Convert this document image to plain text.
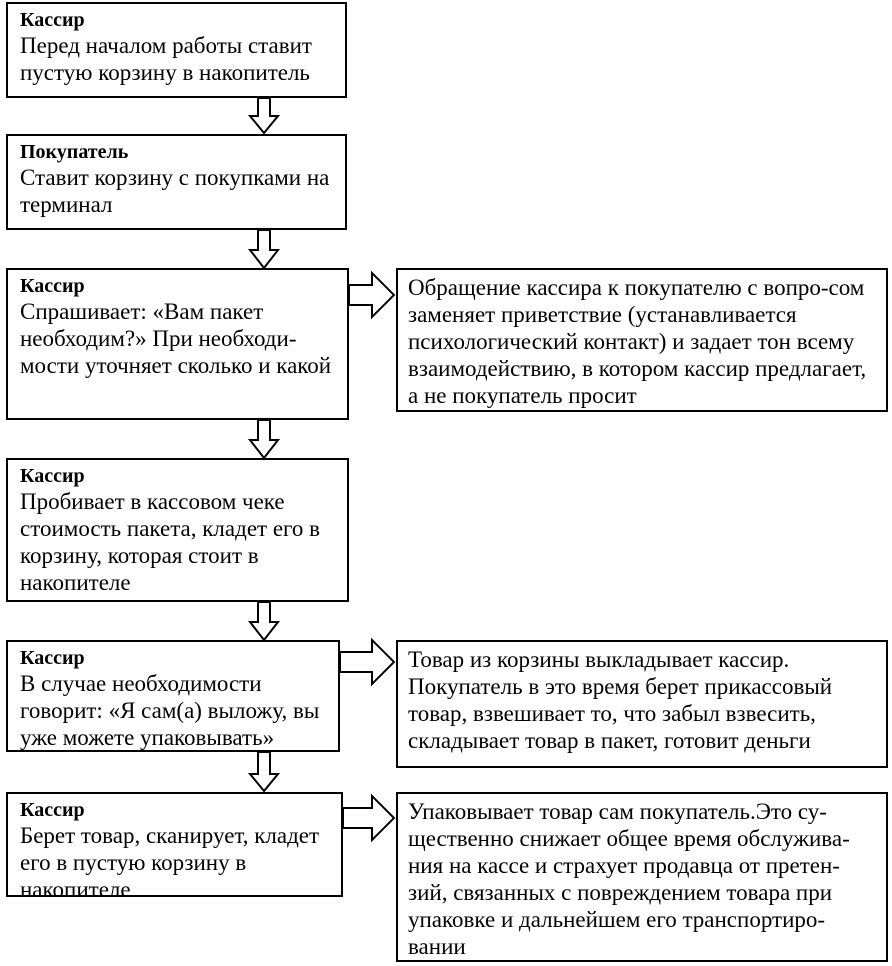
Кассир
Перед началом работы ставит пустую корзину в накопитель
Покупатель
Ставит корзину с покупками на терминал
Кассир
Спрашивает: «Вам пакет необходим?» При необходи-мости уточняет сколько и какой
Кассир
Пробивает в кассовом чеке стоимость пакета, кладет его в корзину, которая стоит в накопителе
Кассир
В случае необходимости говорит: «Я сам(а) выложу, вы уже можете упаковывать»
Кассир
Берет товар, сканирует, кладет его в пустую корзину в накопителе
Обращение кассира к покупателю с вопро-сом заменяет приветствие (устанавливается психологический контакт) и задает тон всему взаимодействию, в котором кассир предлагает, а не покупатель просит
Товар из корзины выкладывает кассир. Покупатель в это время берет прикассовый товар, взвешивает то, что забыл взвесить, складывает товар в пакет, готовит деньги
Упаковывает товар сам покупатель.Это су-щественно снижает общее время обслужива-ния на кассе и страхует продавца от претен-зий, связанных с повреждением товара при упаковке и дальнейшем его транспортиро-вании
